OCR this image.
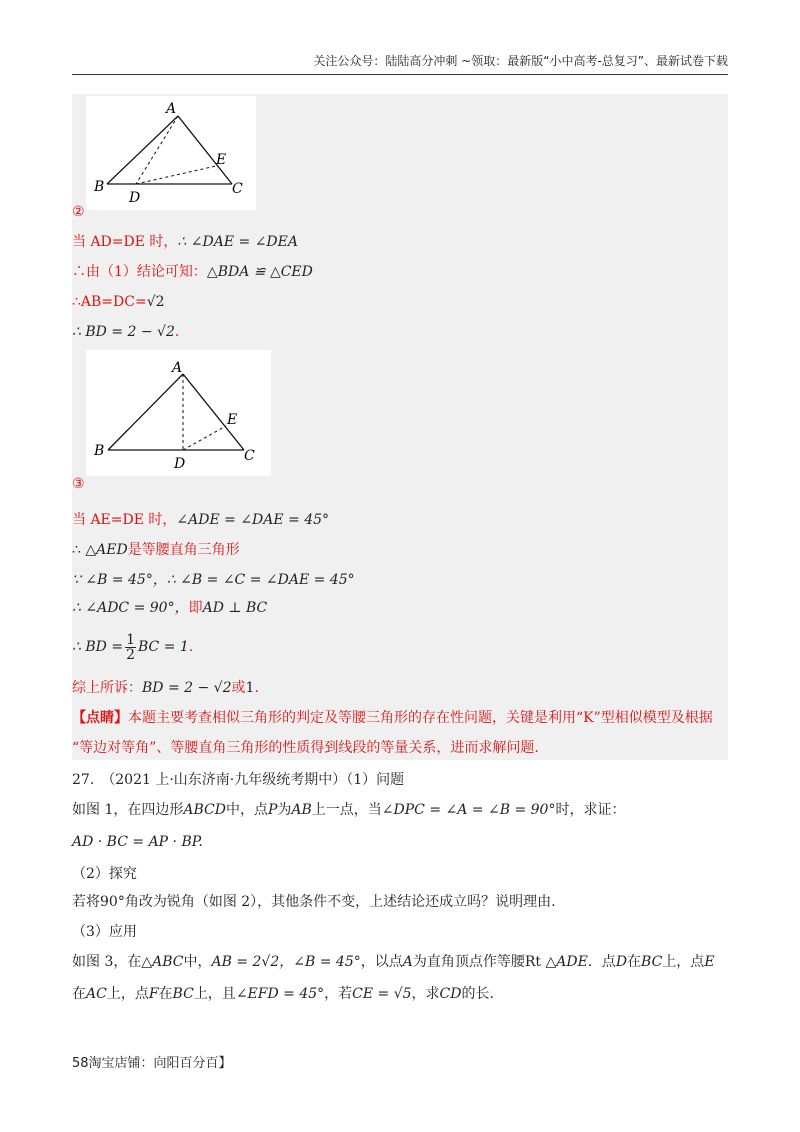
关注公众号：陆陆高分冲刺 ~领取：最新版“小中高考-总复习”、最新试卷下载
A
E
B	C
D
②
当 AD=DE 时，∴ ∠DAE = ∠DEA
∴由（1）结论可知：△BDA ≌ △CED
∴AB=DC=√2
∴ BD = 2 − √2.
A
E
B	C
D
③
当 AE=DE 时，∠ADE = ∠DAE = 45°
∴ △AED是等腰直角三角形
∵ ∠B = 45°，∴ ∠B = ∠C = ∠DAE = 45°
∴ ∠ADC = 90°，即AD ⊥ BC
∴ BD = $\frac{1}{2}$ BC = 1.
综上所诉：BD = 2 − √2或1.
【点睛】本题主要考查相似三角形的判定及等腰三角形的存在性问题，关键是利用“K”型相似模型及根据
“等边对等角”、等腰直角三角形的性质得到线段的等量关系，进而求解问题.
27.　（2021 上·山东济南·九年级统考期中）（1）问题
如图 1，在四边形ABCD中，点P为AB上一点，当∠DPC = ∠A = ∠B = 90°时，求证：
AD · BC = AP · BP.
（2）探究
若将90°角改为锐角（如图 2），其他条件不变，上述结论还成立吗？说明理由.
（3）应用
如图 3，在△ABC中，AB = 2√2，∠B = 45°，以点A为直角顶点作等腰Rt △ADE．点D在BC上，点E
在AC上，点F在BC上，且∠EFD = 45°，若CE = √5，求CD的长.
58淘宝店铺：向阳百分百】
